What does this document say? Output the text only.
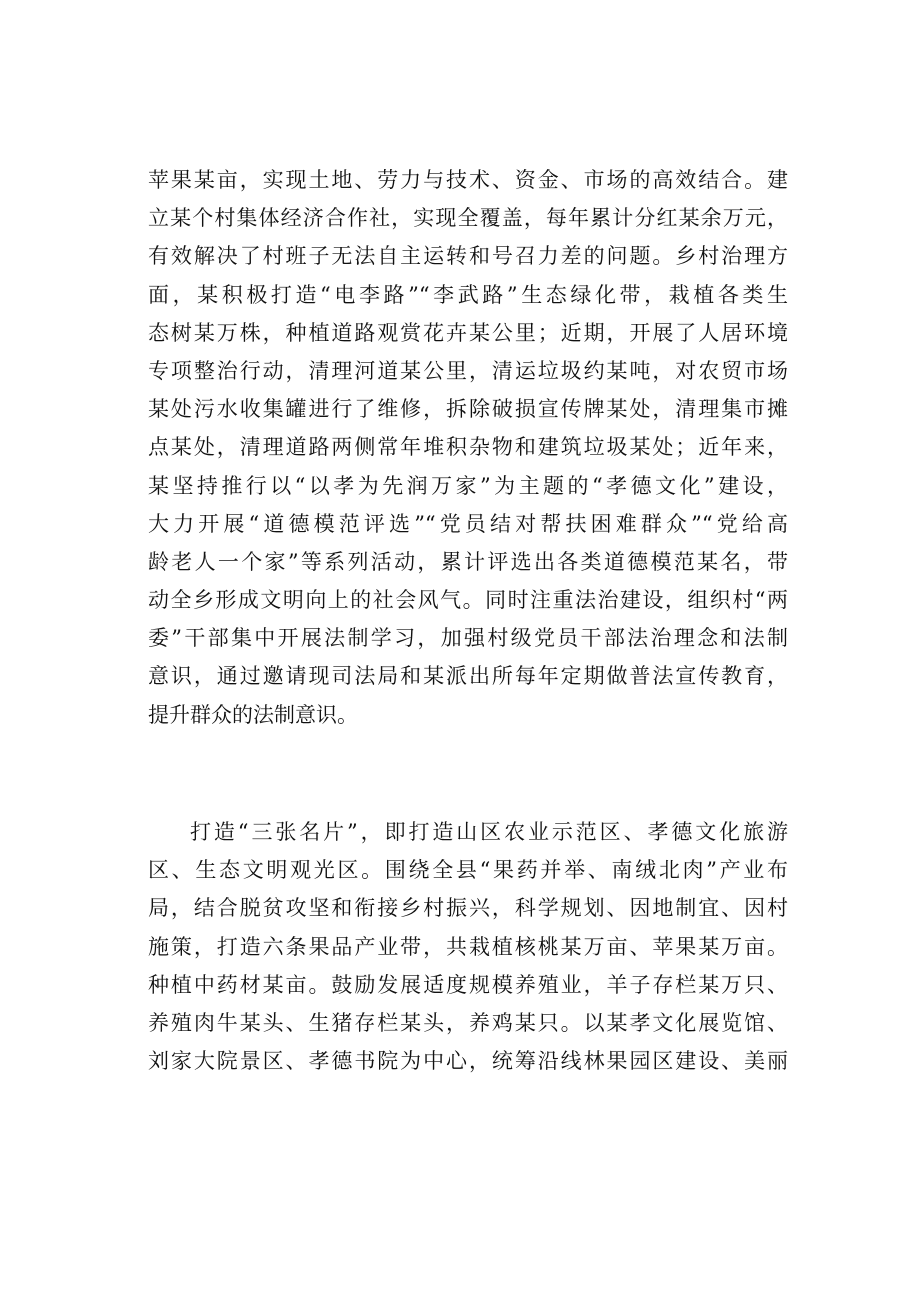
苹果某亩，实现土地、劳力与技术、资金、市场的高效结合。建
立某个村集体经济合作社，实现全覆盖，每年累计分红某余万元，
有效解决了村班子无法自主运转和号召力差的问题。乡村治理方
面，某积极打造“电李路”“李武路”生态绿化带，栽植各类生
态树某万株，种植道路观赏花卉某公里；近期，开展了人居环境
专项整治行动，清理河道某公里，清运垃圾约某吨，对农贸市场
某处污水收集罐进行了维修，拆除破损宣传牌某处，清理集市摊
点某处，清理道路两侧常年堆积杂物和建筑垃圾某处；近年来，
某坚持推行以“以孝为先润万家”为主题的“孝德文化”建设，
大力开展“道德模范评选”“党员结对帮扶困难群众”“党给高
龄老人一个家”等系列活动，累计评选出各类道德模范某名，带
动全乡形成文明向上的社会风气。同时注重法治建设，组织村“两
委”干部集中开展法制学习，加强村级党员干部法治理念和法制
意识，通过邀请现司法局和某派出所每年定期做普法宣传教育，
提升群众的法制意识。
打造“三张名片”，即打造山区农业示范区、孝德文化旅游
区、生态文明观光区。围绕全县“果药并举、南绒北肉”产业布
局，结合脱贫攻坚和衔接乡村振兴，科学规划、因地制宜、因村
施策，打造六条果品产业带，共栽植核桃某万亩、苹果某万亩。
种植中药材某亩。鼓励发展适度规模养殖业，羊子存栏某万只、
养殖肉牛某头、生猪存栏某头，养鸡某只。以某孝文化展览馆、
刘家大院景区、孝德书院为中心，统筹沿线林果园区建设、美丽
